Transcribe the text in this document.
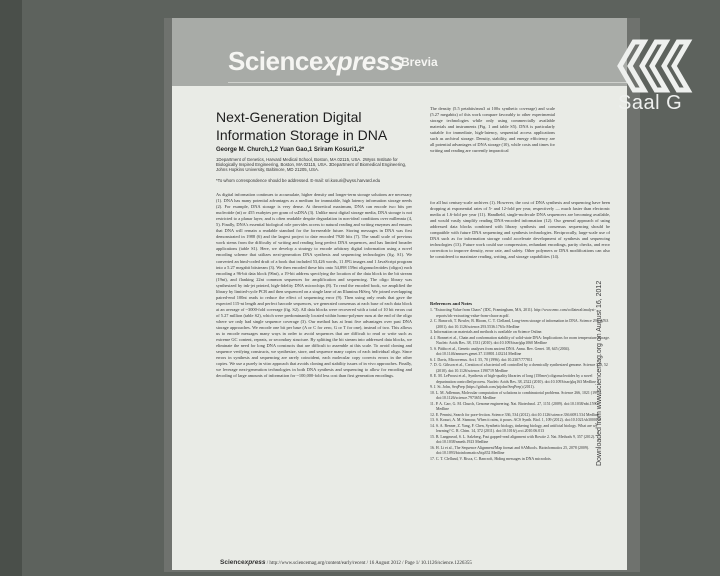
Sciencexpress
Brevia
Next-Generation Digital Information Storage in DNA
George M. Church,1,2 Yuan Gao,1 Sriram Kosuri1,2*
1Department of Genetics, Harvard Medical School, Boston, MA 02115, USA. 2Wyss Institute for Biologically Inspired Engineering, Boston, MA 02115, USA. 3Department of Biomedical Engineering, Johns Hopkins University, Baltimore, MD 21205, USA.
*To whom correspondence should be addressed. E-mail: sri.kosuri@wyss.harvard.edu
As digital information continues to accumulate, higher density and longer-term storage solutions are necessary (1). DNA has many potential advantages as a medium for immutable, high latency information storage needs (2). For example, DNA storage is very dense. At theoretical maximum, DNA can encode two bits per nucleotide (nt) or 455 exabytes per gram of ssDNA (3). Unlike most digital storage media, DNA storage is not restricted to a planar layer, and is often readable despite degradation in non-ideal conditions over millennia (4, 5). Finally, DNA's essential biological role provides access to natural reading and writing enzymes and ensures that DNA will remain a readable standard for the foreseeable future. Storing messages in DNA was first demonstrated in 1988 (6) and the largest project to date encoded 7920 bits (7). The small scale of previous work stems from the difficulty of writing and reading long perfect DNA sequences, and has limited broader applications (table S1). Here, we develop a strategy to encode arbitrary digital information using a novel encoding scheme that utilizes next-generation DNA synthesis and sequencing technologies (fig. S1). We converted an html-coded draft of a book that included 53,426 words, 11 JPG images and 1 JavaScript program into a 5.27 megabit bitstream (3). We then encoded these bits onto 54,898 159nt oligonucleotides (oligos) each encoding a 96-bit data block (96nt), a 19-bit address specifying the location of the data block in the bit stream (19nt), and flanking 22nt common sequences for amplification and sequencing. The oligo library was synthesized by ink-jet printed, high-fidelity DNA microchips (8). To read the encoded book, we amplified the library by limited-cycle PCR and then sequenced on a single lane of an Illumina HiSeq. We joined overlapping paired-end 100nt reads to reduce the effect of sequencing error (9). Then using only reads that gave the expected 115-nt length and perfect barcode sequences, we generated consensus at each base of each data block at an average of ~3000-fold coverage (fig. S2). All data blocks were recovered with a total of 10 bit errors out of 5.27 million (table S2), which were predominantly located within homo-polymer runs at the end of the oligo where we only had single sequence coverage (3). Our method has at least five advantages over past DNA storage approaches. We encode one bit per base (A or C for zero, G or T for one), instead of two. This allows us to encode messages many ways in order to avoid sequences that are difficult to read or write such as extreme GC content, repeats, or secondary structure. By splitting the bit stream into addressed data blocks, we eliminate the need for long DNA constructs that are difficult to assemble at this scale. To avoid cloning and sequence verifying constructs, we synthesize, store, and sequence many copies of each individual oligo. Since errors in synthesis and sequencing are rarely coincident, each molecular copy corrects errors in the other copies. We use a purely in vitro approach that avoids cloning and stability issues of in vivo approaches. Finally, we leverage next-generation technologies in both DNA synthesis and sequencing to allow for encoding and decoding of large amounts of information for ~100,000-fold less cost than first generation encodings.
The density (5.5 petabits/mm3 at 100x synthetic coverage) and scale (5.27 megabits) of this work compare favorably to other experimental storage technologies while only using commercially available materials and instruments (Fig. 1 and table S5). DNA is particularly suitable for immediate, high-latency, sequential access applications such as archival storage. Density, stability, and energy efficiency are all potential advantages of DNA storage (10), while costs and times for writing and reading are currently impractical
for all but century-scale archives (1). However, the cost of DNA synthesis and sequencing have been dropping at exponential rates of 5- and 12-fold per year, respectively — much faster than electronic media at 1.6-fold per year (11). Handheld, single-molecule DNA sequencers are becoming available, and would vastly simplify reading DNA-encoded information (12). Our general approach of using addressed data blocks combined with library synthesis and consensus sequencing should be compatible with future DNA sequencing and synthesis technologies. Reciprocally, large-scale use of DNA such as for information storage could accelerate development of synthesis and sequencing technologies (13). Future work could use compression, redundant encodings, parity checks, and error correction to improve density, error rate, and safety. Other polymers or DNA modifications can also be considered to maximize reading, writing, and storage capabilities (14).
References and Notes
1. "Extracting Value from Chaos" (IDC, Framingham, MA, 2011). http://www.emc.com/collateral/analyst-reports/idc-extracting-value-from-chaos-ar.pdf.
2. C. Bancroft, T. Bowler, B. Bloom, C. T. Clelland, Long-term storage of information in DNA. Science 293, 1763 (2001). doi:10.1126/science.293.5536.1763c Medline
3. Information on materials and methods is available on Science Online.
4. J. Bonnet et al., Chain and conformation stability of solid-state DNA: Implications for room temperature storage. Nucleic Acids Res. 38, 1531 (2010). doi:10.1093/nar/gkp1060 Medline
5. S. Pääbo et al., Genetic analyses from ancient DNA. Annu. Rev. Genet. 38, 645 (2004). doi:10.1146/annurev.genet.37.110801.143214 Medline
6. J. Davis, Microvenus. Art J. 55, 70 (1996). doi:10.2307/777811
7. D. G. Gibson et al., Creation of a bacterial cell controlled by a chemically synthesized genome. Science 329, 52 (2010). doi:10.1126/science.1190719 Medline
8. E. M. LeProust et al., Synthesis of high-quality libraries of long (150mer) oligonucleotides by a novel depurination controlled process. Nucleic Acids Res. 38, 2522 (2010). doi:10.1093/nar/gkq163 Medline
9. J. St. John, SeqPrep (https://github.com/jstjohn/SeqPrep) (2011).
10. L. M. Adleman, Molecular computation of solutions to combinatorial problems. Science 266, 1021 (1994). doi:10.1126/science.7973651 Medline
11. P. A. Carr, G. M. Church, Genome engineering. Nat. Biotechnol. 27, 1151 (2009). doi:10.1038/nbt.1590 Medline
12. E. Pennisi, Search for pore-fection. Science 336, 534 (2012). doi:10.1126/science.336.6081.534 Medline
13. S. Kosuri, A. M. Sismour, When it rains, it pours. ACS Synth. Biol. 1, 109 (2012). doi:10.1021/sb300019t
14. S. A. Benner, Z. Yang, F. Chen, Synthetic biology, tinkering biology, and artificial biology. What are we learning? C. R. Chim. 14, 372 (2011). doi:10.1016/j.crci.2010.06.013
15. B. Langmead, S. L. Salzberg, Fast gapped-read alignment with Bowtie 2. Nat. Methods 9, 357 (2012). doi:10.1038/nmeth.1923 Medline
16. H. Li et al., The Sequence Alignment/Map format and SAMtools. Bioinformatics 25, 2078 (2009). doi:10.1093/bioinformatics/btp352 Medline
17. C. T. Clelland, V. Risca, C. Bancroft, Hiding messages in DNA microdots.	Downloaded from www.sciencemag.org on August 16, 2012
Sciencexpress / http://www.sciencemag.org/content/early/recent / 16 August 2012 / Page 1/ 10.1126/science.1226355
Saal G
